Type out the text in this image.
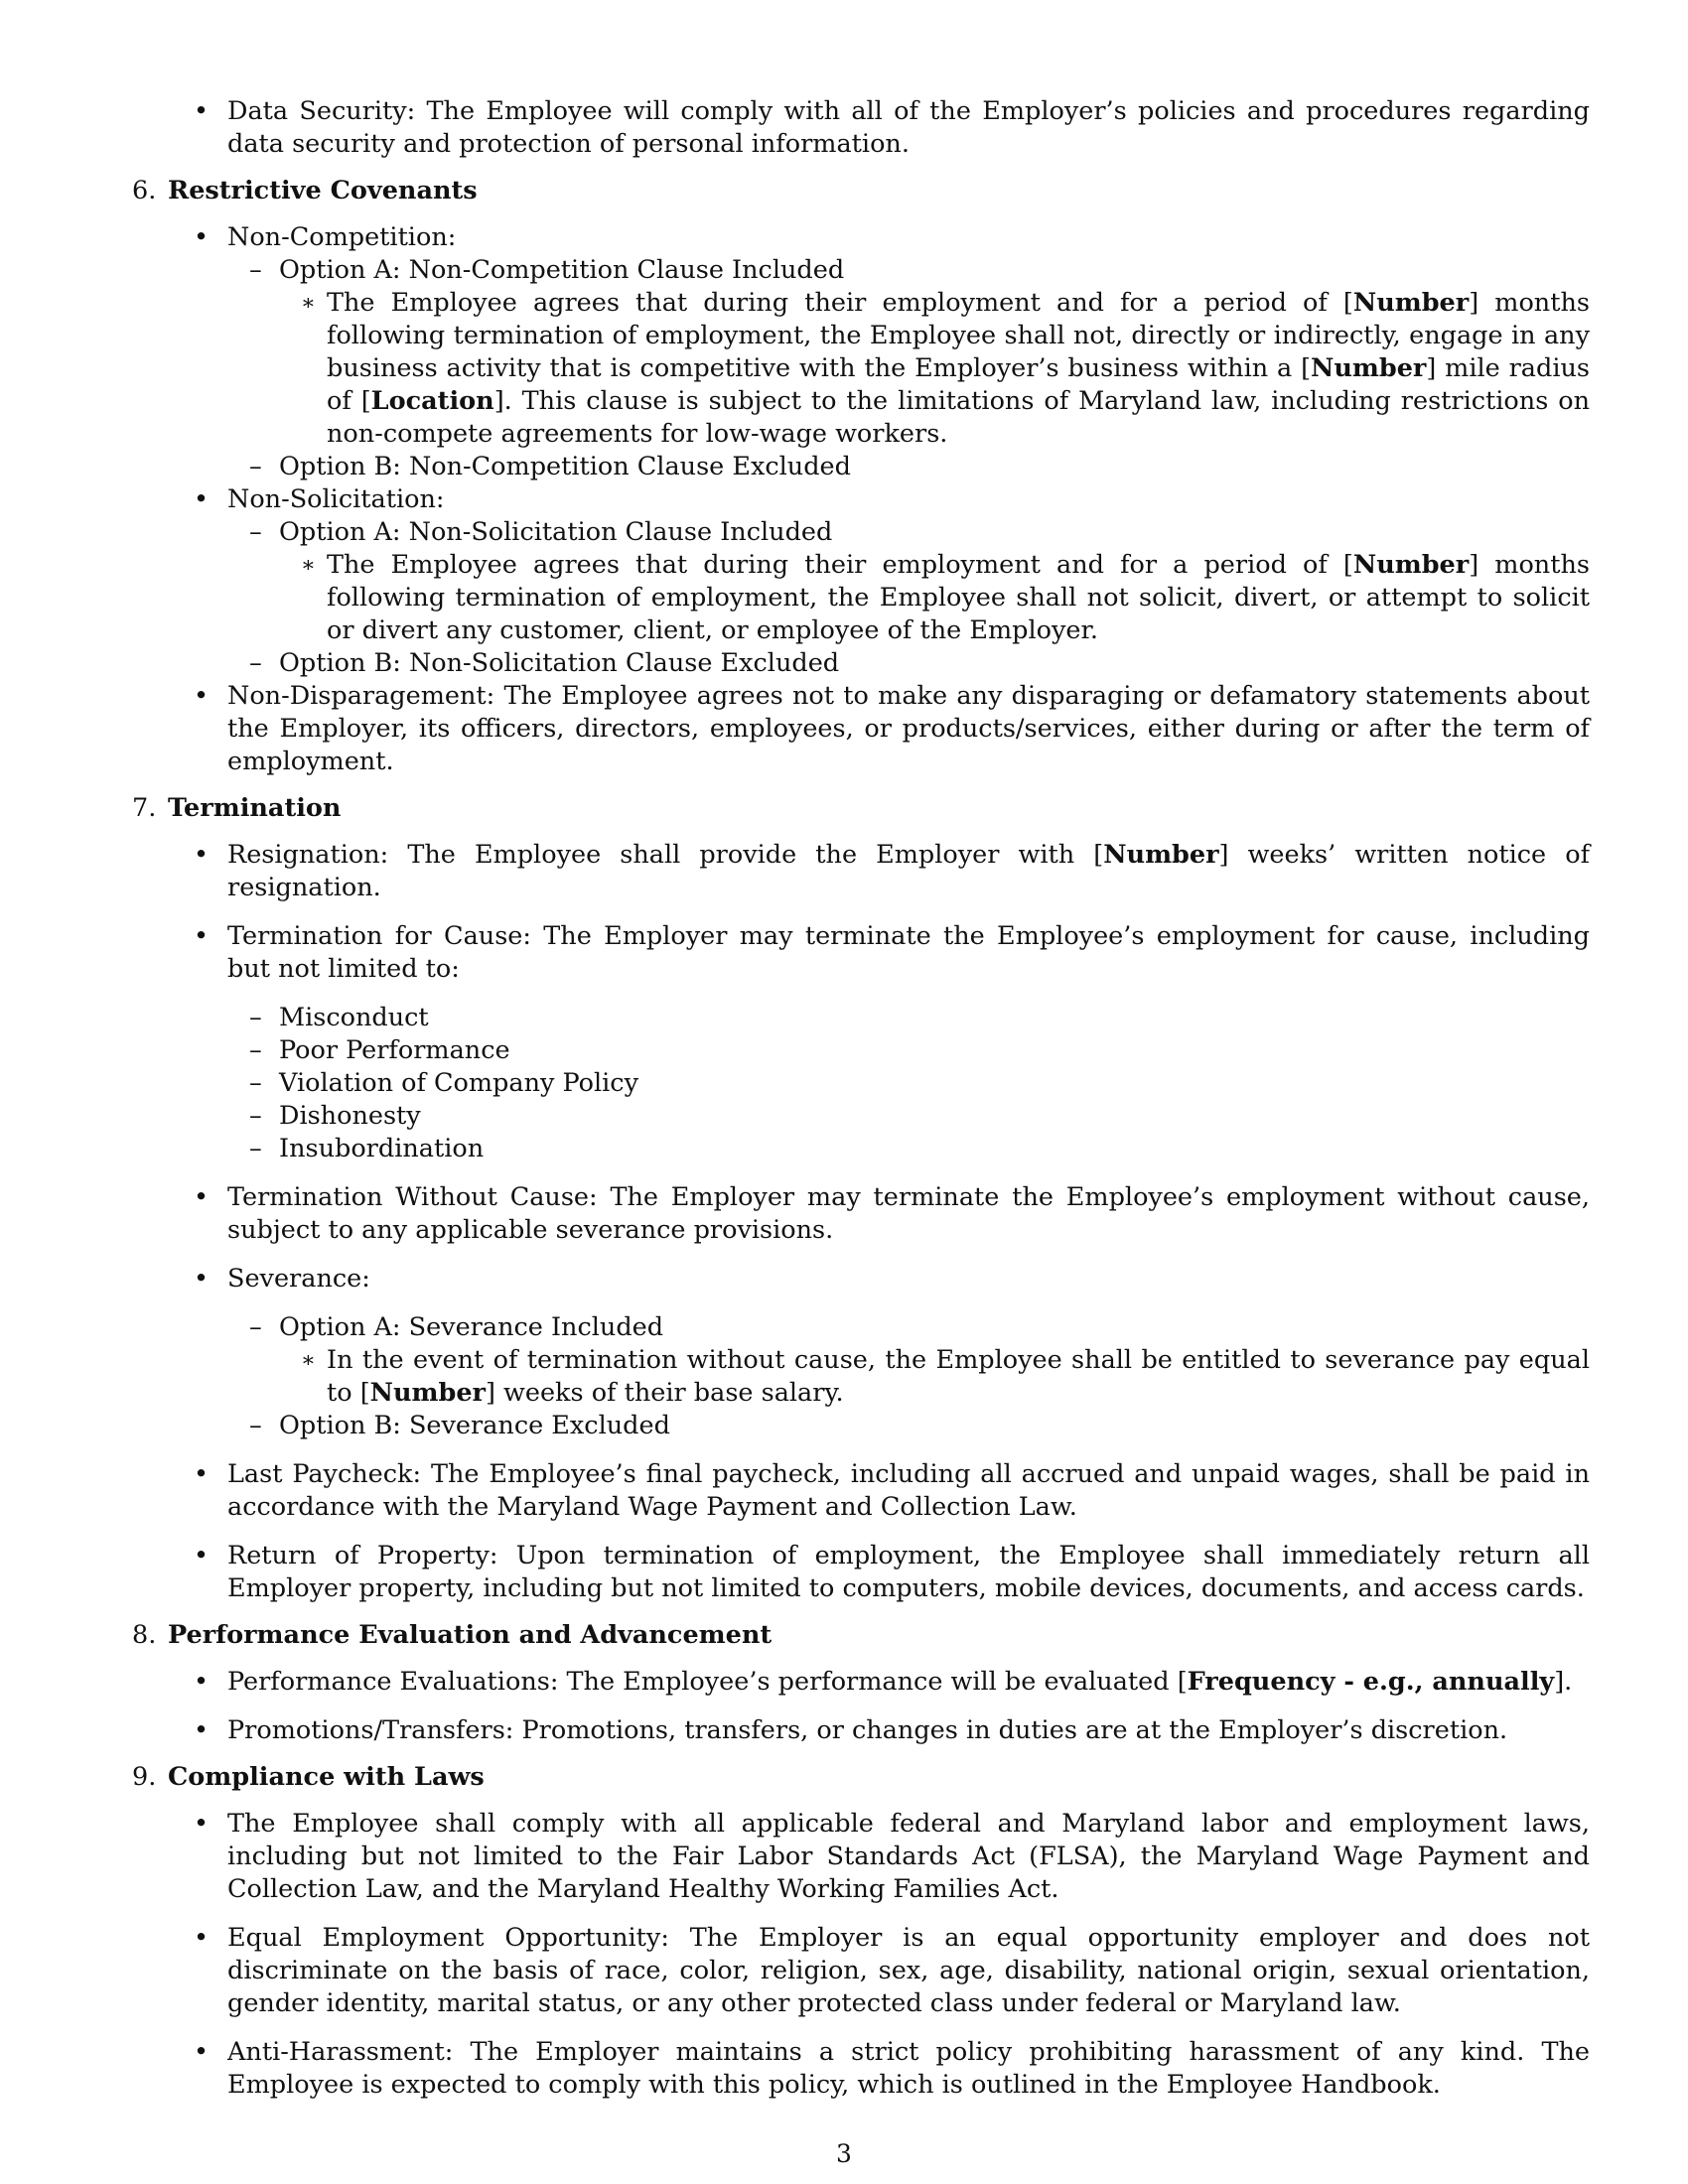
• Data Security: The Employee will comply with all of the Employer’s policies and procedures regarding data security and protection of personal information.

6. Restrictive Covenants
• Non-Competition:

– Option A: Non-Competition Clause Included

∗ The Employee agrees that during their employment and for a period of [Number] months following termination of employment, the Employee shall not, directly or indirectly, engage in any business activity that is competitive with the Employer’s business within a [Number] mile radius of [Location]. This clause is subject to the limitations of Maryland law, including restrictions on non-compete agreements for low-wage workers.

– Option B: Non-Competition Clause Excluded

• Non-Solicitation:

– Option A: Non-Solicitation Clause Included

∗ The Employee agrees that during their employment and for a period of [Number] months following termination of employment, the Employee shall not solicit, divert, or attempt to solicit or divert any customer, client, or employee of the Employer.

– Option B: Non-Solicitation Clause Excluded

• Non-Disparagement: The Employee agrees not to make any disparaging or defamatory statements about the Employer, its officers, directors, employees, or products/services, either during or after the term of employment.

7. Termination
• Resignation: The Employee shall provide the Employer with [Number] weeks’ written notice of resignation.

• Termination for Cause: The Employer may terminate the Employee’s employment for cause, including but not limited to:

– Misconduct

– Poor Performance

– Violation of Company Policy

– Dishonesty

– Insubordination

• Termination Without Cause: The Employer may terminate the Employee’s employment without cause, subject to any applicable severance provisions.

• Severance:

– Option A: Severance Included

∗ In the event of termination without cause, the Employee shall be entitled to severance pay equal to [Number] weeks of their base salary.

– Option B: Severance Excluded

• Last Paycheck: The Employee’s final paycheck, including all accrued and unpaid wages, shall be paid in accordance with the Maryland Wage Payment and Collection Law.

• Return of Property: Upon termination of employment, the Employee shall immediately return all Employer property, including but not limited to computers, mobile devices, documents, and access cards.

8. Performance Evaluation and Advancement
• Performance Evaluations: The Employee’s performance will be evaluated [Frequency - e.g., annually].

• Promotions/Transfers: Promotions, transfers, or changes in duties are at the Employer’s discretion.

9. Compliance with Laws
• The Employee shall comply with all applicable federal and Maryland labor and employment laws, including but not limited to the Fair Labor Standards Act (FLSA), the Maryland Wage Payment and Collection Law, and the Maryland Healthy Working Families Act.

• Equal Employment Opportunity: The Employer is an equal opportunity employer and does not discriminate on the basis of race, color, religion, sex, age, disability, national origin, sexual orientation, gender identity, marital status, or any other protected class under federal or Maryland law.

• Anti-Harassment: The Employer maintains a strict policy prohibiting harassment of any kind. The Employee is expected to comply with this policy, which is outlined in the Employee Handbook.

3
